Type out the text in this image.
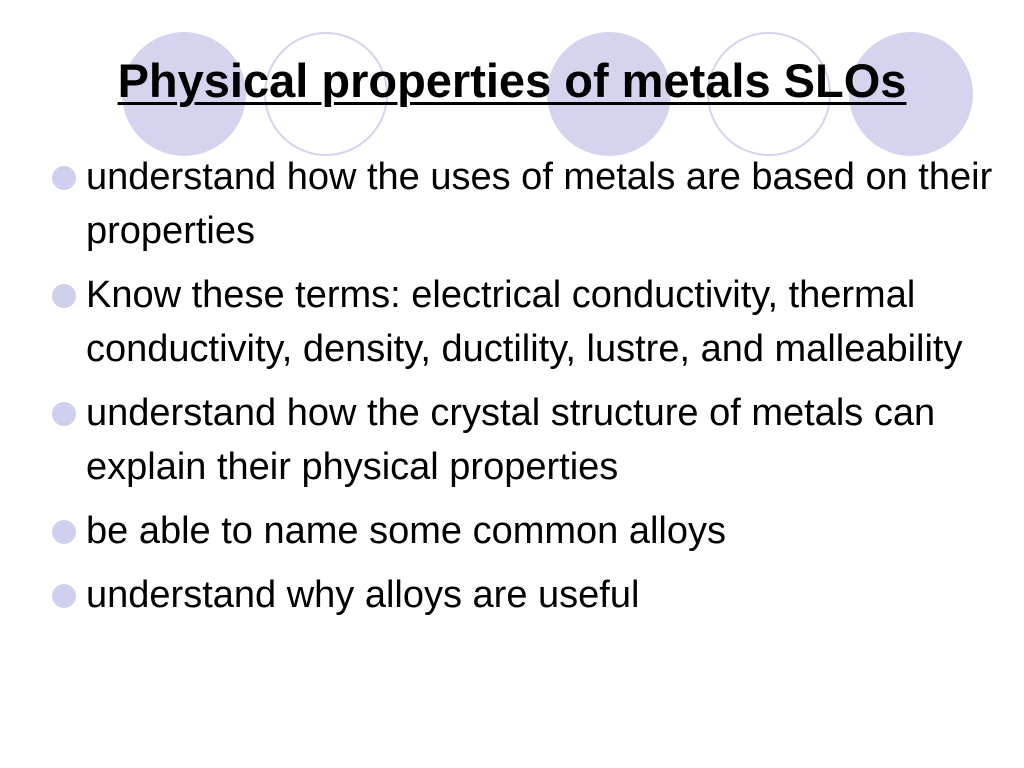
Physical properties of metals SLOs
understand how the uses of metals are based on their properties
Know these terms: electrical conductivity, thermal conductivity, density, ductility, lustre, and malleability
understand how the crystal structure of metals can explain their physical properties
be able to name some common alloys
understand why alloys are useful
